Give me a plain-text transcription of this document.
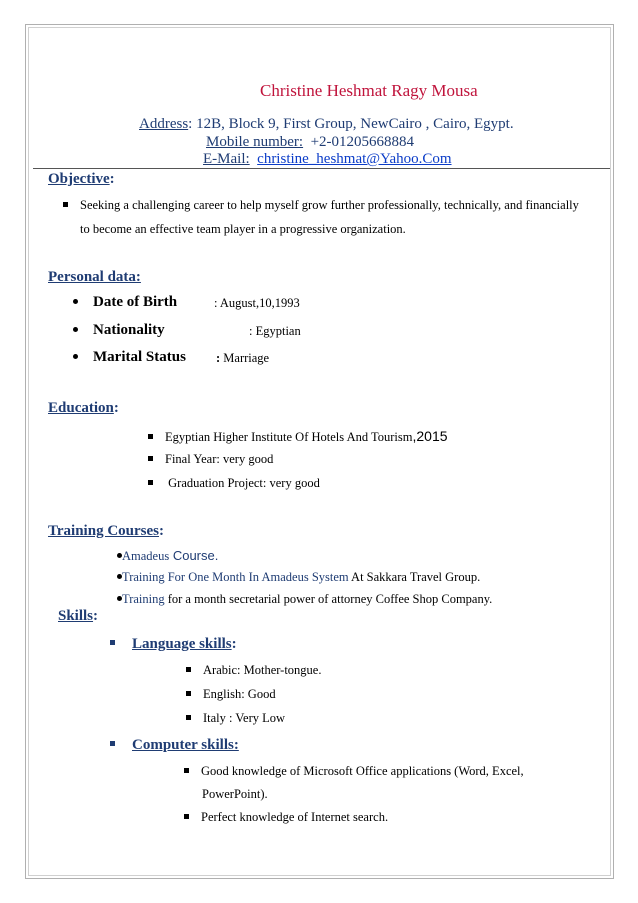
Christine Heshmat Ragy Mousa
Address: 12B, Block 9, First Group, NewCairo , Cairo, Egypt.
Mobile number: +2-01205668884
E-Mail: christine_heshmat@Yahoo.Com
Objective:
Seeking a challenging career to help myself grow further professionally, technically, and financially
to become an effective team player in a progressive organization.
Personal data:
Date of Birth	: August,10,1993
Nationality	: Egyptian
Marital Status : Marriage
Education:
Egyptian Higher Institute Of Hotels And Tourism,2015
Final Year: very good
Graduation Project: very good
Training Courses:
Amadeus Course.
Training For One Month In Amadeus System At Sakkara Travel Group.
Training for a month secretarial power of attorney Coffee Shop Company.
Skills:
Language skills:
Arabic: Mother-tongue.
English: Good
Italy : Very Low
Computer skills:
Good knowledge of Microsoft Office applications (Word, Excel,
PowerPoint).
Perfect knowledge of Internet search.
